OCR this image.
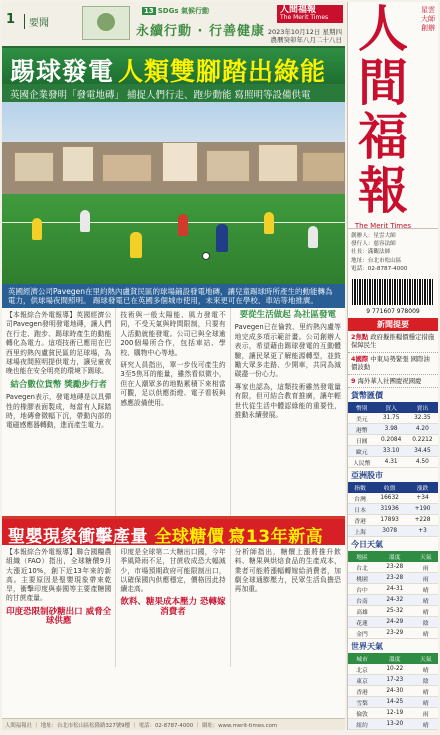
1	要聞
13 SDGs 氣候行動
永續行動 · 行善健康
人間福報
The Merit Times
2023年10月12日 星期四
農曆癸卯年八月二十八日
踢球發電 人類雙腳踏出綠能
英國企業發明「發電地磚」 捕捉人們行走、跑步動能 寫照明等設備供電
英國經濟公司Pavegen在里約熱內盧貧民區的球場鋪設發電地磚，讓兒童踢球時所產生的動能轉為電力，供球場夜間照明。 踢球發電已在英國多個城市使用，未來更可在學校、車站等地推廣。

【本報綜合外電報導】英國經濟公司Pavegen發明發電地磚，讓人們在行走、跑步、踢球時產生的動能轉化為電力。這項技術已應用在巴西里約熱內盧貧民區的足球場，為球場夜間照明提供電力，讓兒童夜晚也能在安全明亮的環境下踢球。

結合數位貨幣 獎勵步行者

Pavegen表示，發電地磚是以具彈性的橡膠表面製成，每當有人踩踏時，地磚會微幅下沉，帶動內部的電磁感應器轉動，進而產生電力。

技術與一般太陽能、風力發電不同，不受天氣與時間限制，只要有人活動就能發電。公司已與全球逾200個場所合作，包括車站、學校、購物中心等地。

研究人員指出，單一步伐可產生約3至5焦耳的能量，雖然看似微小，但在人潮眾多的地點累積下來相當可觀，足以供應街燈、電子看板與感應設備使用。

要從生活做起 為社區發電

Pavegen已在倫敦、里約熱內盧等地完成多項示範計畫。公司創辦人表示，希望藉由踢球發電的互動體驗，讓民眾更了解能源轉型，並鼓勵大眾多走路、少開車，共同為減碳盡一份心力。

專家也認為，這類技術雖然發電量有限，但可結合教育推廣，讓年輕世代從生活中體認綠能的重要性，推動永續發展。

聖嬰現象衝擊產量 全球糖價 寫13年新高

【本報綜合外電報導】聯合國糧農組織（FAO）指出，全球糖價9月大漲近10%，創下近13年來的新高。主要原因是聖嬰現象帶來乾旱，衝擊印度與泰國等主要產糖國的甘蔗產量。

印度恐限制砂糖出口 威脅全球供應

印度是全球第二大糖出口國，今年季風降雨不足，甘蔗收成恐大幅減少，市場預期政府可能限制出口，以確保國內供應穩定，價格因此持續走高。

飲料、糖果成本壓力 恐轉嫁消費者

分析師指出，糖價上漲將推升飲料、糖果與烘焙食品的生產成本，業者可能將漲幅轉嫁給消費者，加劇全球通膨壓力，民眾生活負擔恐再加重。

人間福報社 ｜ 地址：台北市松山區松隆路327號9樓 ｜ 電話：02-8787-4000 ｜ 網址：www.merit-times.com
人
間
福
報
星雲大師創辦
The Merit Times
創辦人：星雲大師
發行人：慈容法師
社長：滿觀法師
地址：台北市松山區
電話：02-8787-4000
9 771607 978009
新聞提要
2焦點 政府擬推糧價穩定措施 保障民生
4國際 中東局勢緊張 國際油價波動
9 海外華人社團慶祝國慶
貨幣匯價
幣別	買入	賣出
美元	31.75	32.35
港幣	3.98	4.20
日圓	0.2084	0.2212
歐元	33.10	34.45
人民幣	4.31	4.50
亞洲股市
指數	收盤	漲跌
台灣	16632	+34
日本	31936	+190
香港	17893	+228
上海	3078	+3
今日天氣
地區	溫度	天氣
台北	23-28	雨
桃園	23-28	雨
台中	24-31	晴
台南	24-32	晴
高雄	25-32	晴
花蓮	24-29	陰
金門	23-29	晴
世界天氣
城市	溫度	天氣
北京	10-22	晴
東京	17-23	陰
香港	24-30	晴
雪梨	14-25	晴
倫敦	12-19	雨
紐約	13-20	晴
